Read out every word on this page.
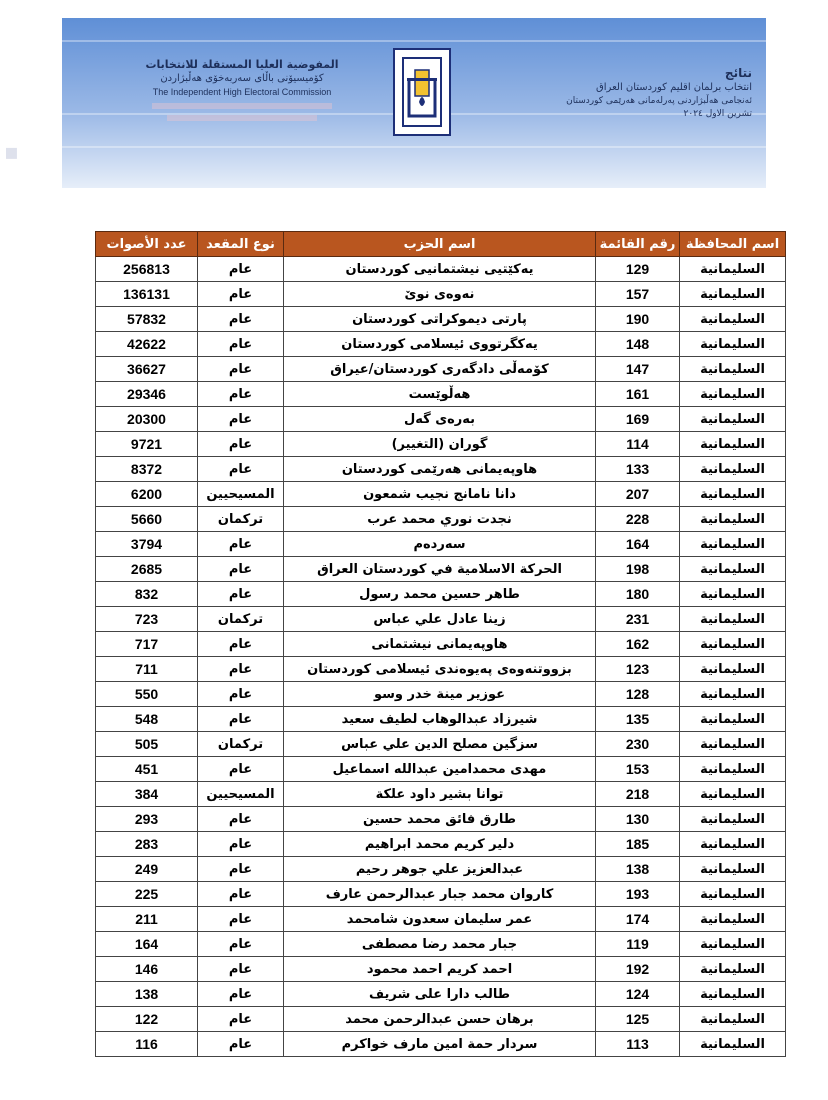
نتائج
انتخاب برلمان اقليم كوردستان العراق
ئەنجامی هەڵبژاردنی پەرلەمانی هەرێمی کوردستان
تشرين الاول ٢٠٢٤
المفوضية العليا المستقلة للانتخابات
کۆمیسیۆنی باڵای سەربەخۆی هەڵبژاردن
The Independent High Electoral Commission
▪
اسم المحافظة	رقم القائمة	اسم الحزب	نوع المقعد	عدد الأصوات
السليمانية	129	یەکێتیی نیشتمانیی کوردستان	عام	256813
السليمانية	157	نەوەی نوێ	عام	136131
السليمانية	190	پارتی دیموکراتی کوردستان	عام	57832
السليمانية	148	یەکگرتووی ئیسلامی کوردستان	عام	42622
السليمانية	147	کۆمەڵی دادگەری کوردستان/عیراق	عام	36627
السليمانية	161	هەڵوێست	عام	29346
السليمانية	169	بەرەی گەل	عام	20300
السليمانية	114	گوران (التغيير)	عام	9721
السليمانية	133	هاوپەیمانی هەرێمی کوردستان	عام	8372
السليمانية	207	دانا نامانج نجيب شمعون	المسيحيين	6200
السليمانية	228	نجدت نوري محمد عرب	تركمان	5660
السليمانية	164	سەردەم	عام	3794
السليمانية	198	الحركة الاسلامية في كوردستان العراق	عام	2685
السليمانية	180	طاهر حسين محمد رسول	عام	832
السليمانية	231	زينا عادل علي عباس	تركمان	723
السليمانية	162	هاوپەیمانی نیشتمانی	عام	717
السليمانية	123	بزووتنەوەی پەیوەندی ئیسلامی کوردستان	عام	711
السليمانية	128	عوزير مينة خدر وسو	عام	550
السليمانية	135	شيرزاد عبدالوهاب لطيف سعيد	عام	548
السليمانية	230	سزگين مصلح الدين علي عباس	تركمان	505
السليمانية	153	مهدی محمدامين عبدالله اسماعيل	عام	451
السليمانية	218	توانا بشير داود علكة	المسيحيين	384
السليمانية	130	طارق فائق محمد حسين	عام	293
السليمانية	185	دلير كريم محمد ابراهيم	عام	283
السليمانية	138	عبدالعزيز علي جوهر رحيم	عام	249
السليمانية	193	كاروان محمد جبار عبدالرحمن عارف	عام	225
السليمانية	174	عمر سليمان سعدون شامحمد	عام	211
السليمانية	119	جبار محمد رضا مصطفى	عام	164
السليمانية	192	احمد كريم احمد محمود	عام	146
السليمانية	124	طالب دارا على شريف	عام	138
السليمانية	125	برهان حسن عبدالرحمن محمد	عام	122
السليمانية	113	سردار حمة امين مارف خواكرم	عام	116
